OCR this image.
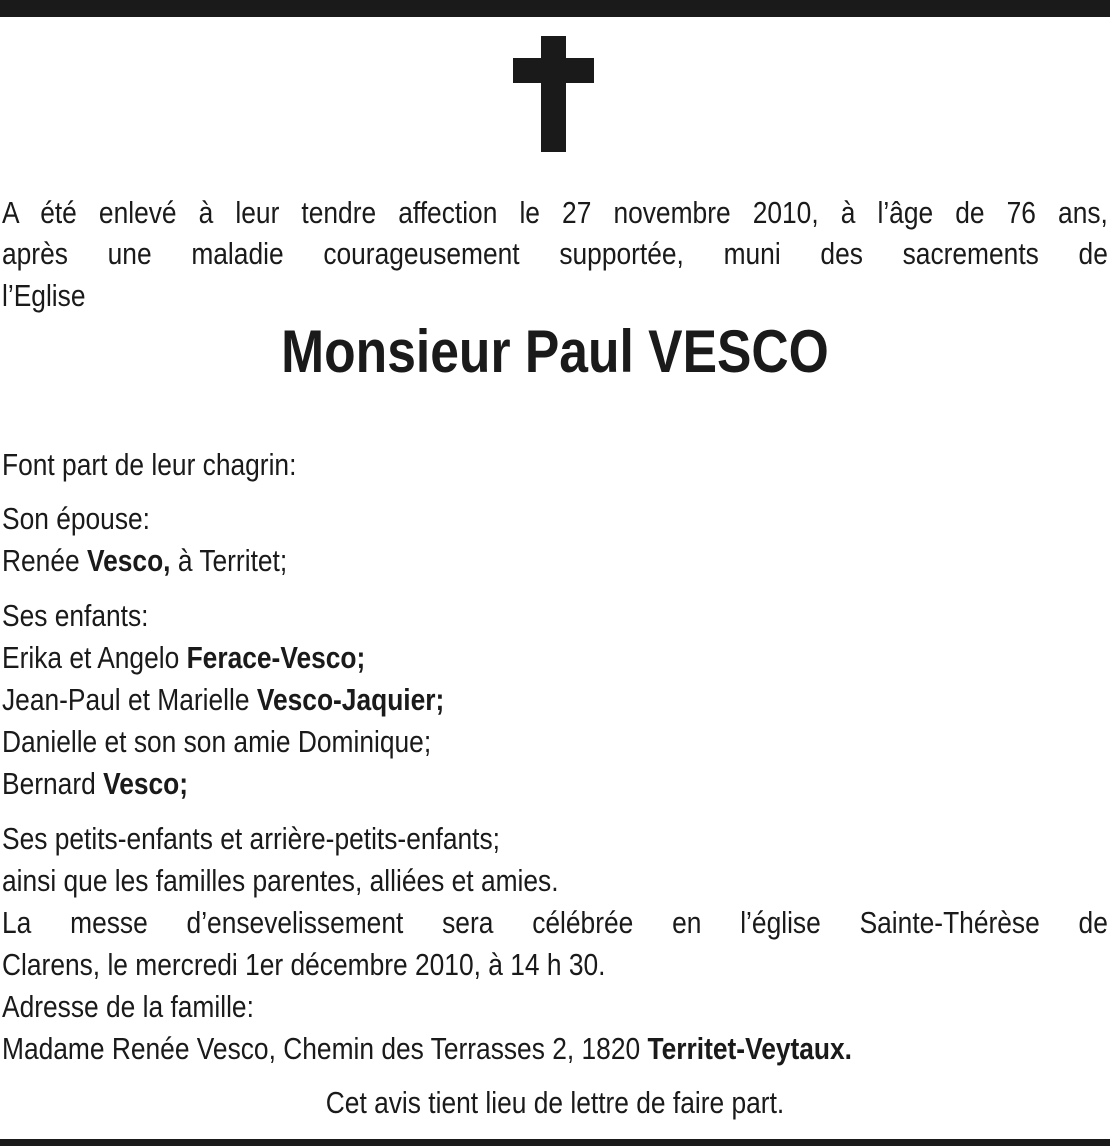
A été enlevé à leur tendre affection le 27 novembre 2010, à l’âge de 76 ans,

après une maladie courageusement supportée, muni des sacrements de

l’Eglise

Monsieur Paul VESCO

Font part de leur chagrin:

Son épouse:

Renée Vesco, à Territet;

Ses enfants:

Erika et Angelo Ferace-Vesco;

Jean-Paul et Marielle Vesco-Jaquier;

Danielle et son son amie Dominique;

Bernard Vesco;

Ses petits-enfants et arrière-petits-enfants;

ainsi que les familles parentes, alliées et amies.

La messe d’ensevelissement sera célébrée en l’église Sainte-Thérèse de

Clarens, le mercredi 1er décembre 2010, à 14 h 30.

Adresse de la famille:

Madame Renée Vesco, Chemin des Terrasses 2, 1820 Territet-Veytaux.

Cet avis tient lieu de lettre de faire part.
